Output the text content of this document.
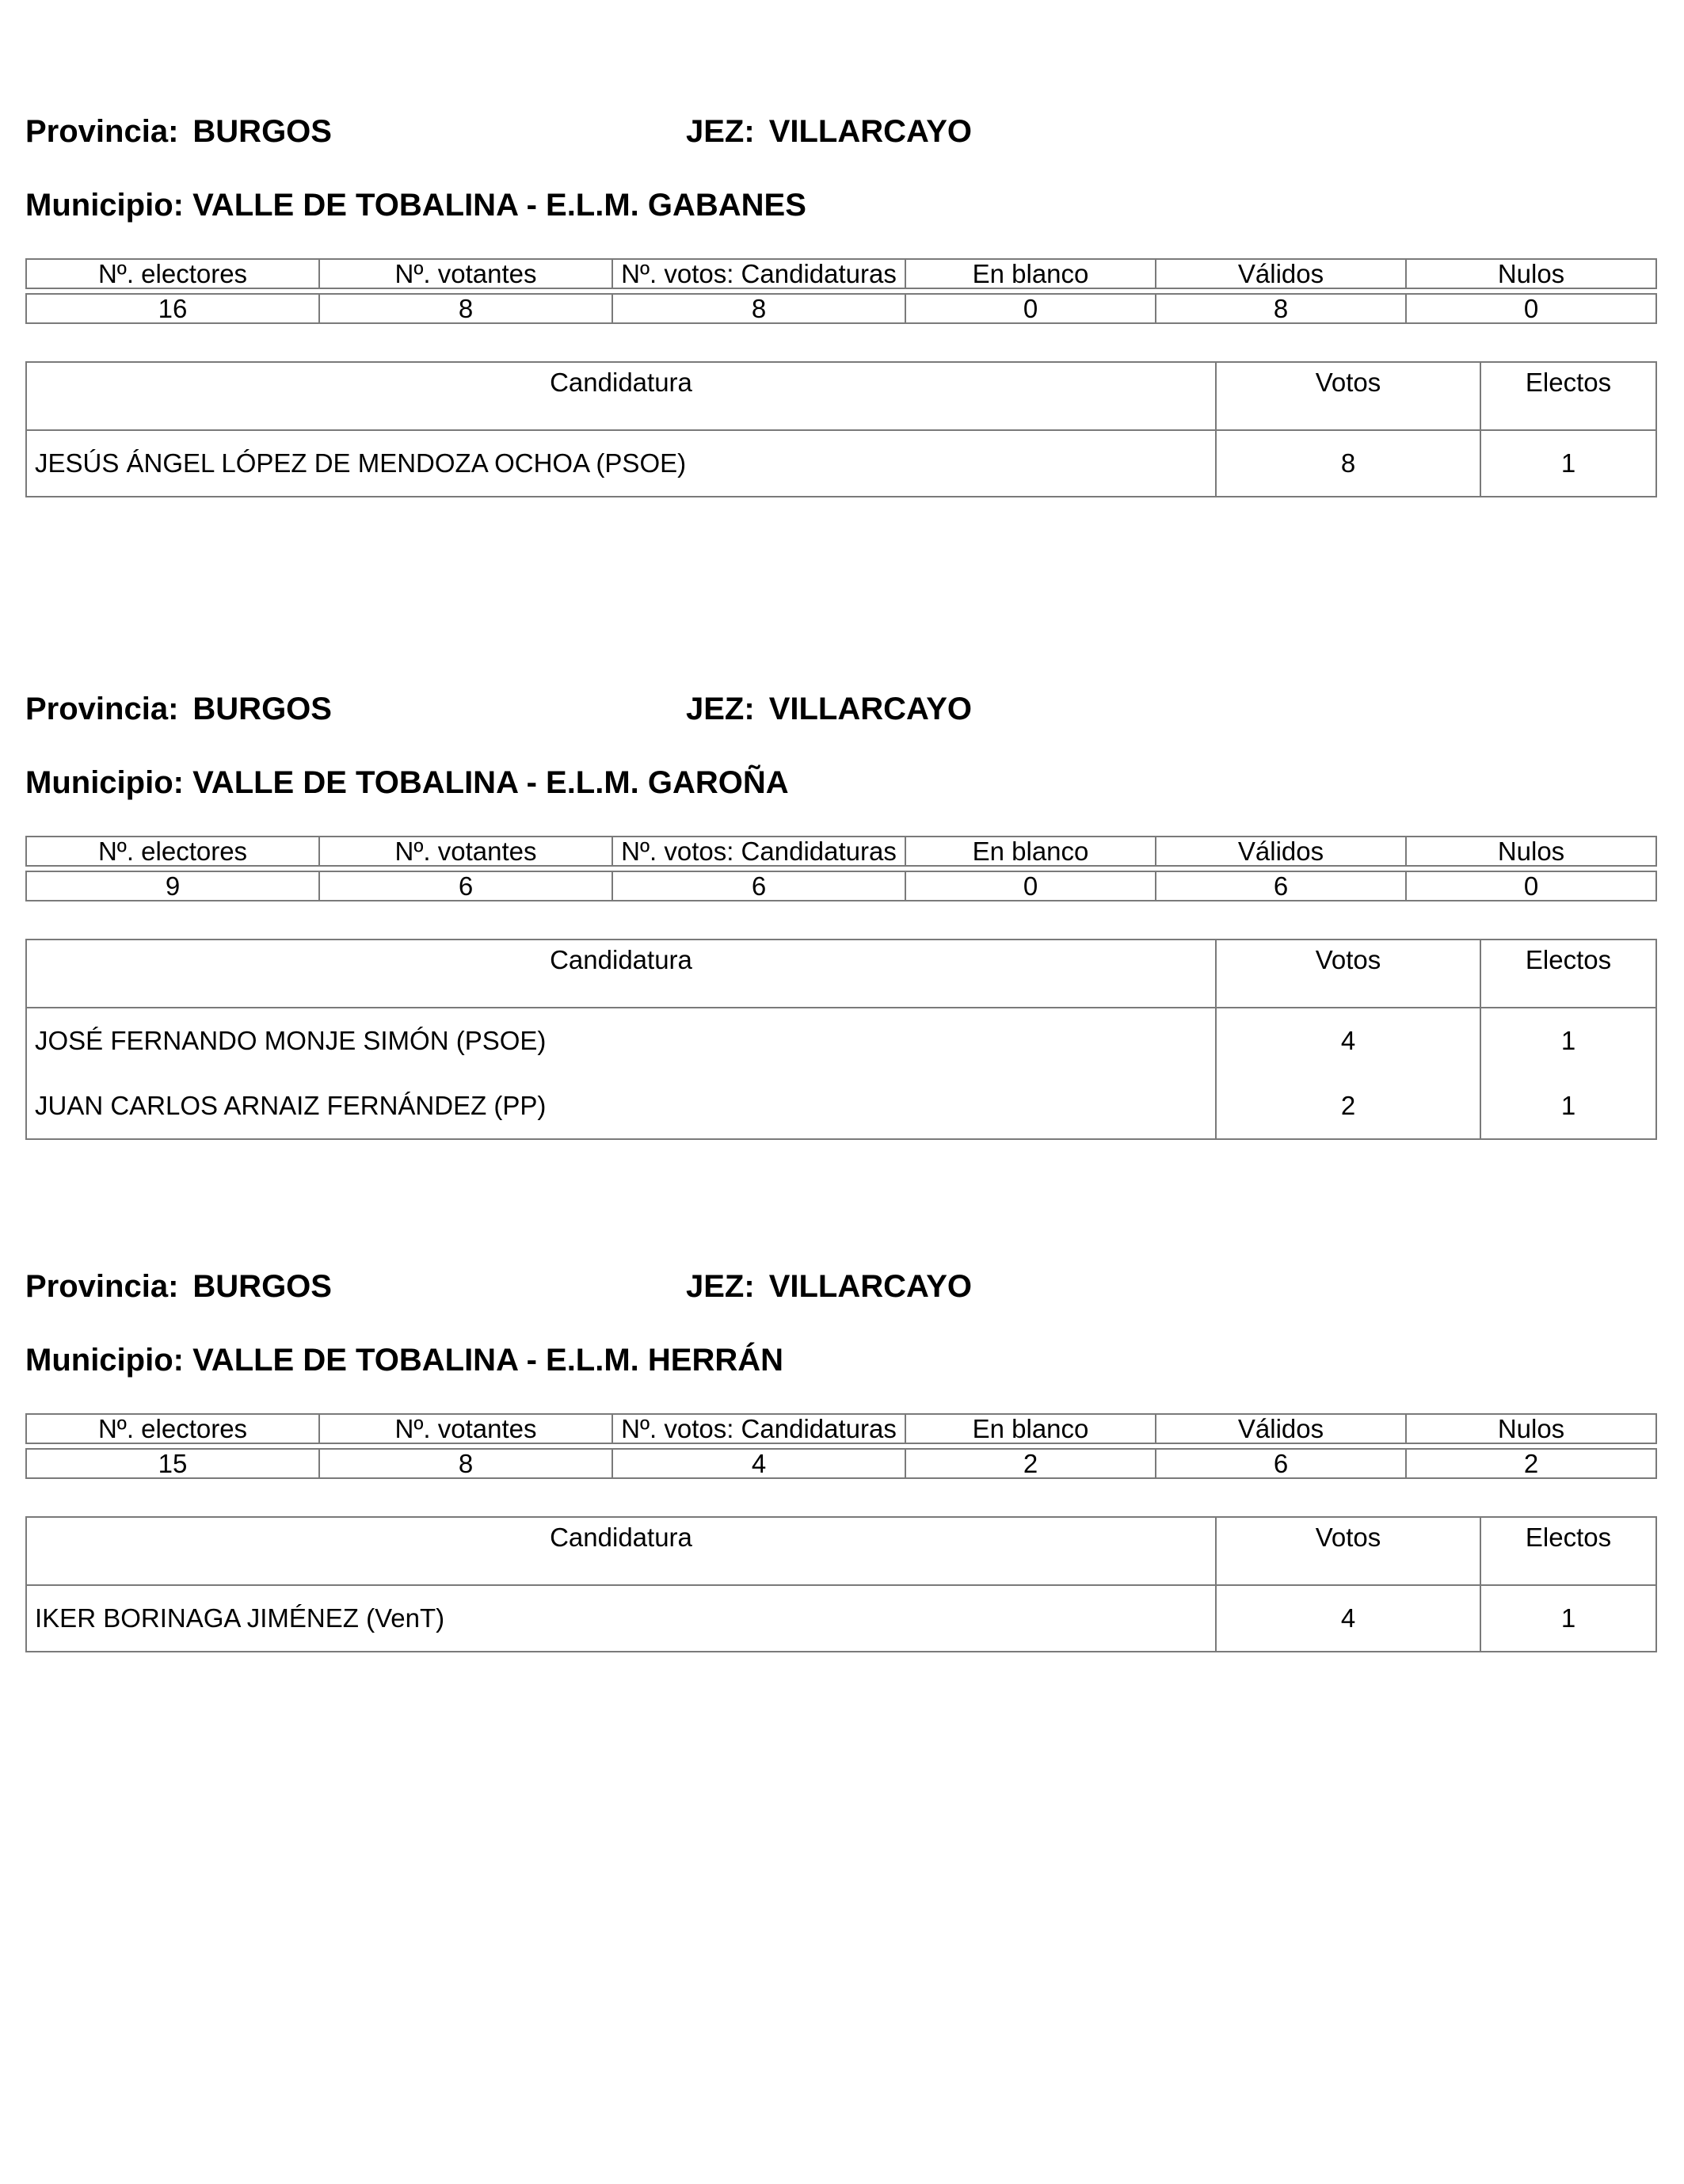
Provincia: BURGOS	JEZ: VILLARCAYO
Municipio: VALLE DE TOBALINA - E.L.M. GABANES
Nº. electores	Nº. votantes	Nº. votos: Candidaturas	En blanco	Válidos	Nulos
16	8	8	0	8	0
Candidatura	Votos	Electos
JESÚS ÁNGEL LÓPEZ DE MENDOZA OCHOA (PSOE)	8	1
Provincia: BURGOS	JEZ: VILLARCAYO
Municipio: VALLE DE TOBALINA - E.L.M. GAROÑA
Nº. electores	Nº. votantes	Nº. votos: Candidaturas	En blanco	Válidos	Nulos
9	6	6	0	6	0
Candidatura	Votos	Electos
JOSÉ FERNANDO MONJE SIMÓN (PSOE)	4	1
JUAN CARLOS ARNAIZ FERNÁNDEZ (PP)	2	1
Provincia: BURGOS	JEZ: VILLARCAYO
Municipio: VALLE DE TOBALINA - E.L.M. HERRÁN
Nº. electores	Nº. votantes	Nº. votos: Candidaturas	En blanco	Válidos	Nulos
15	8	4	2	6	2
Candidatura	Votos	Electos
IKER BORINAGA JIMÉNEZ (VenT)	4	1
